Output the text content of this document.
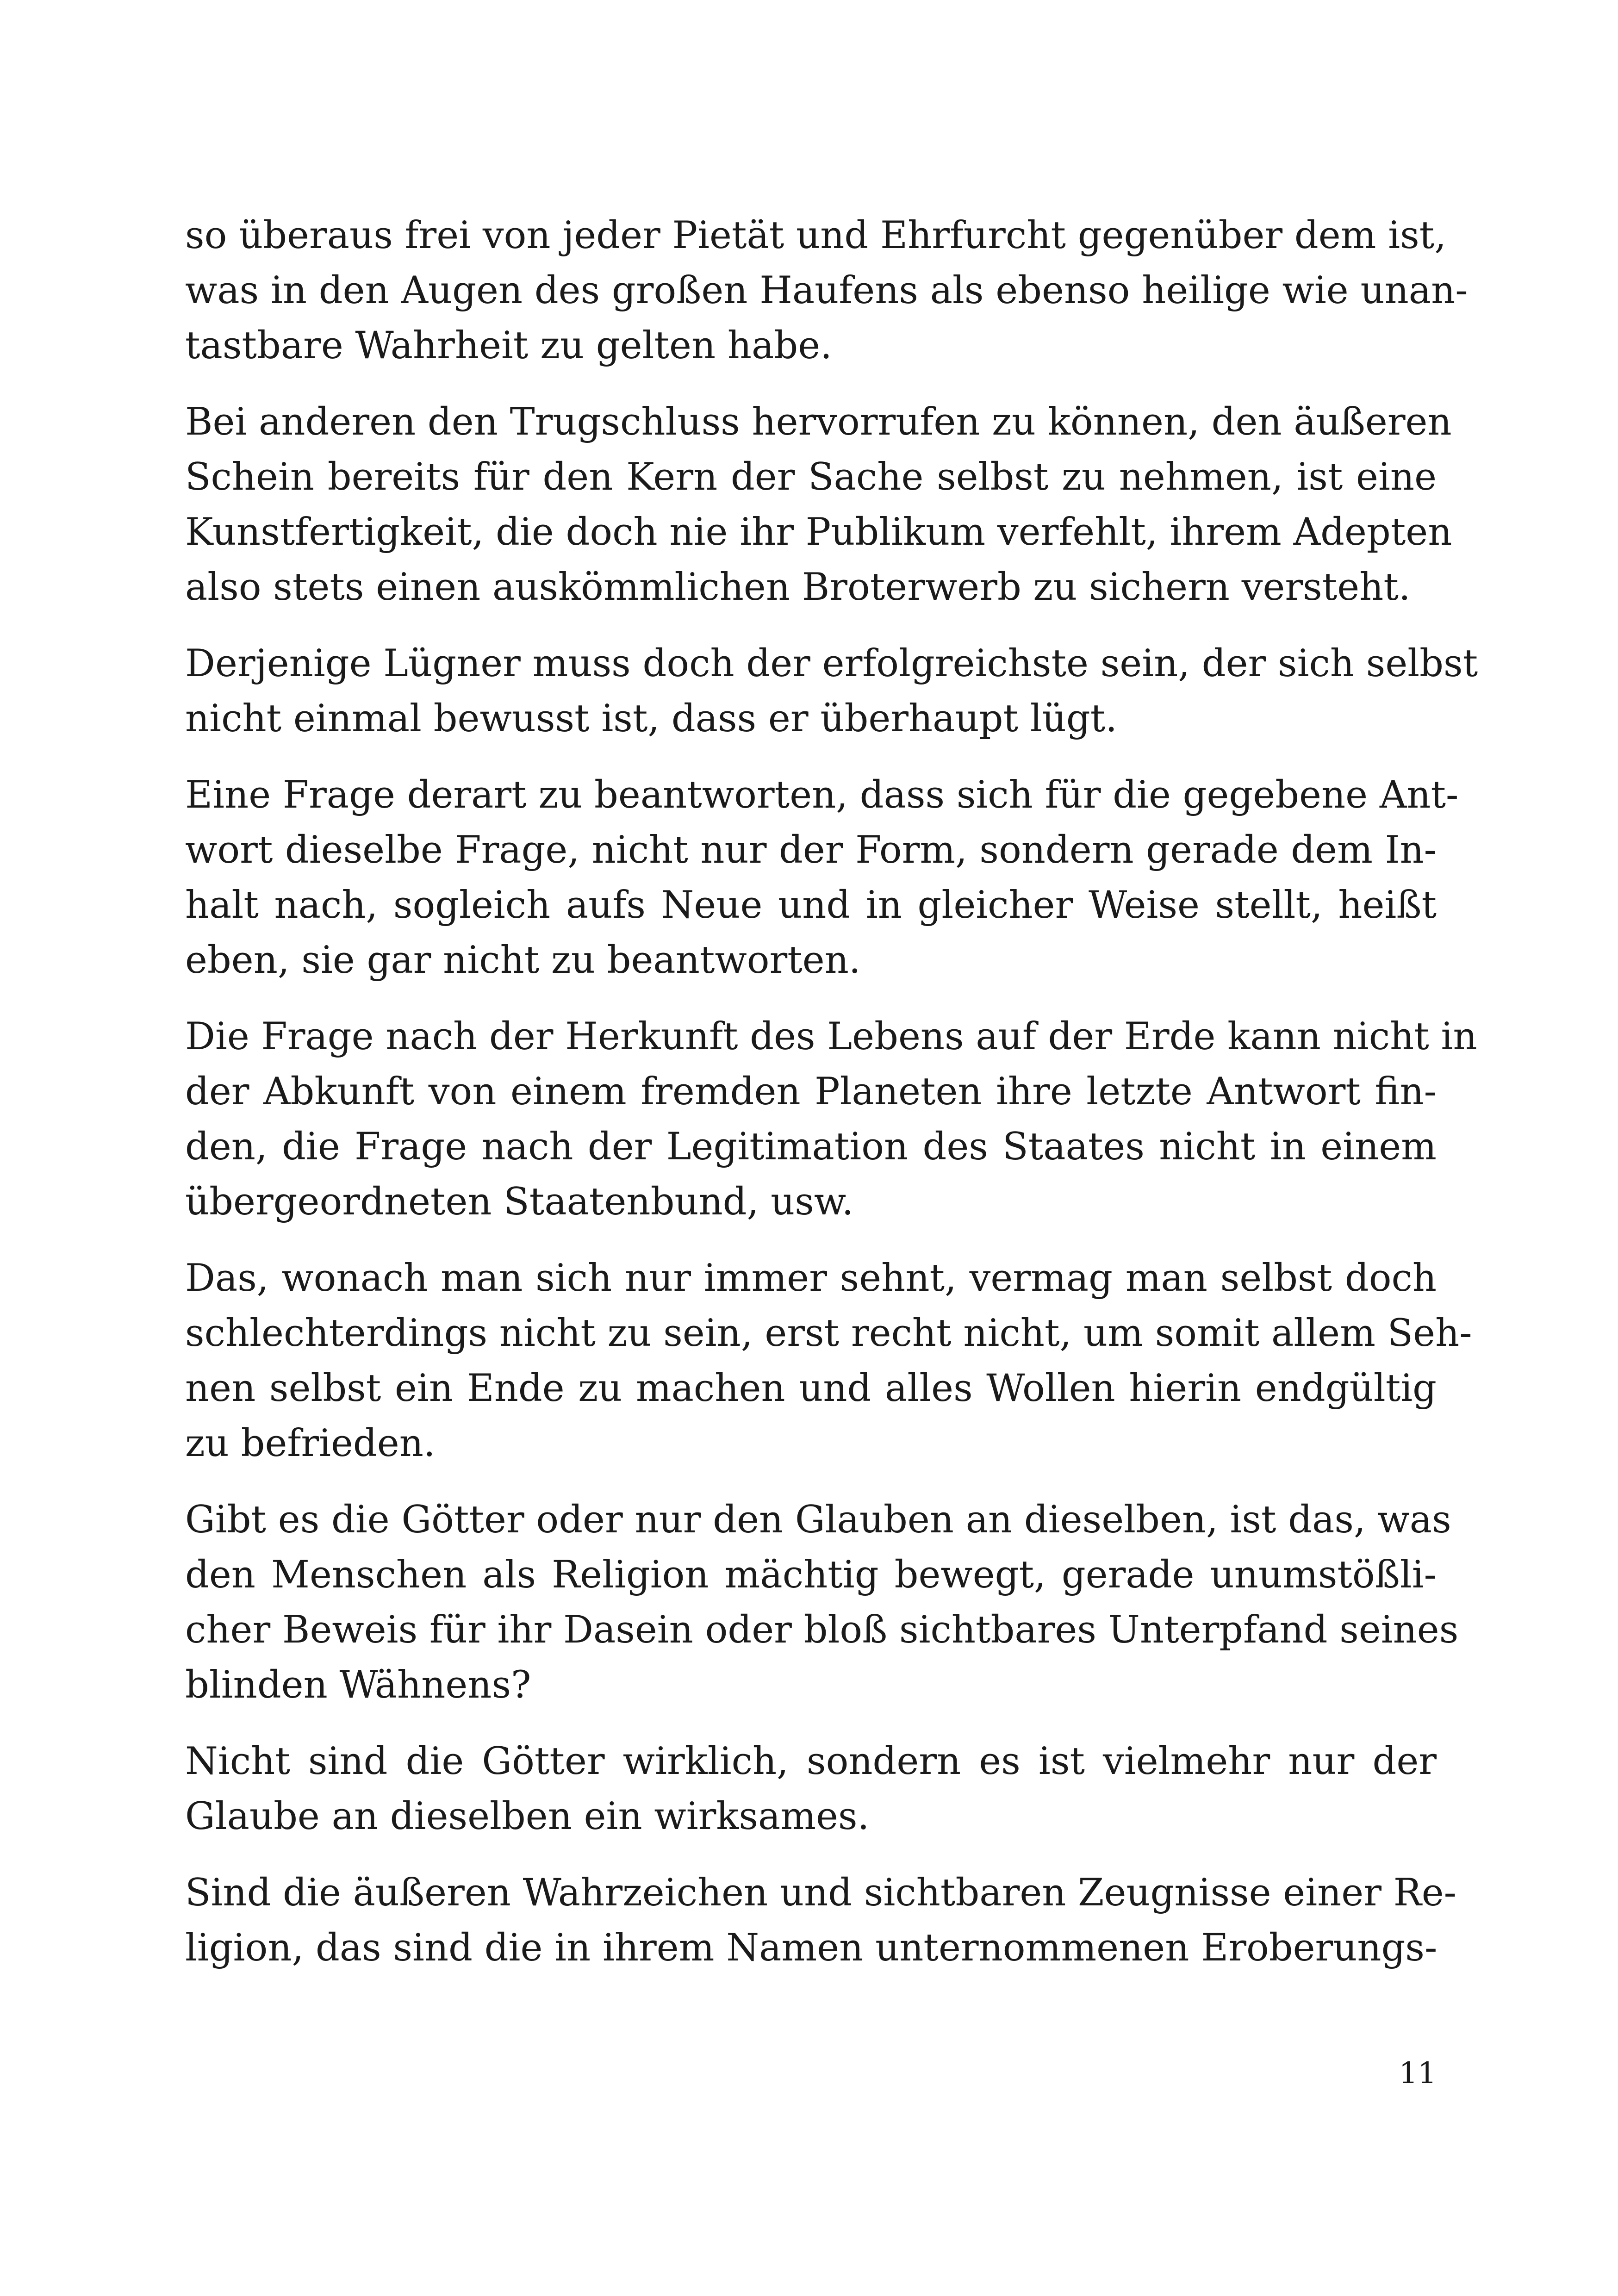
so überaus frei von jeder Pietät und Ehrfurcht gegenüber dem ist,
was in den Augen des großen Haufens als ebenso heilige wie unan-
tastbare Wahrheit zu gelten habe.
Bei anderen den Trugschluss hervorrufen zu können, den äußeren
Schein bereits für den Kern der Sache selbst zu nehmen, ist eine
Kunstfertigkeit, die doch nie ihr Publikum verfehlt, ihrem Adepten
also stets einen auskömmlichen Broterwerb zu sichern versteht.
Derjenige Lügner muss doch der erfolgreichste sein, der sich selbst
nicht einmal bewusst ist, dass er überhaupt lügt.
Eine Frage derart zu beantworten, dass sich für die gegebene Ant-
wort dieselbe Frage, nicht nur der Form, sondern gerade dem In-
halt nach, sogleich aufs Neue und in gleicher Weise stellt, heißt
eben, sie gar nicht zu beantworten.
Die Frage nach der Herkunft des Lebens auf der Erde kann nicht in
der Abkunft von einem fremden Planeten ihre letzte Antwort fin-
den, die Frage nach der Legitimation des Staates nicht in einem
übergeordneten Staatenbund, usw.
Das, wonach man sich nur immer sehnt, vermag man selbst doch
schlechterdings nicht zu sein, erst recht nicht, um somit allem Seh-
nen selbst ein Ende zu machen und alles Wollen hierin endgültig
zu befrieden.
Gibt es die Götter oder nur den Glauben an dieselben, ist das, was
den Menschen als Religion mächtig bewegt, gerade unumstößli-
cher Beweis für ihr Dasein oder bloß sichtbares Unterpfand seines
blinden Wähnens?
Nicht sind die Götter wirklich, sondern es ist vielmehr nur der
Glaube an dieselben ein wirksames.
Sind die äußeren Wahrzeichen und sichtbaren Zeugnisse einer Re-
ligion, das sind die in ihrem Namen unternommenen Eroberungs-
11
